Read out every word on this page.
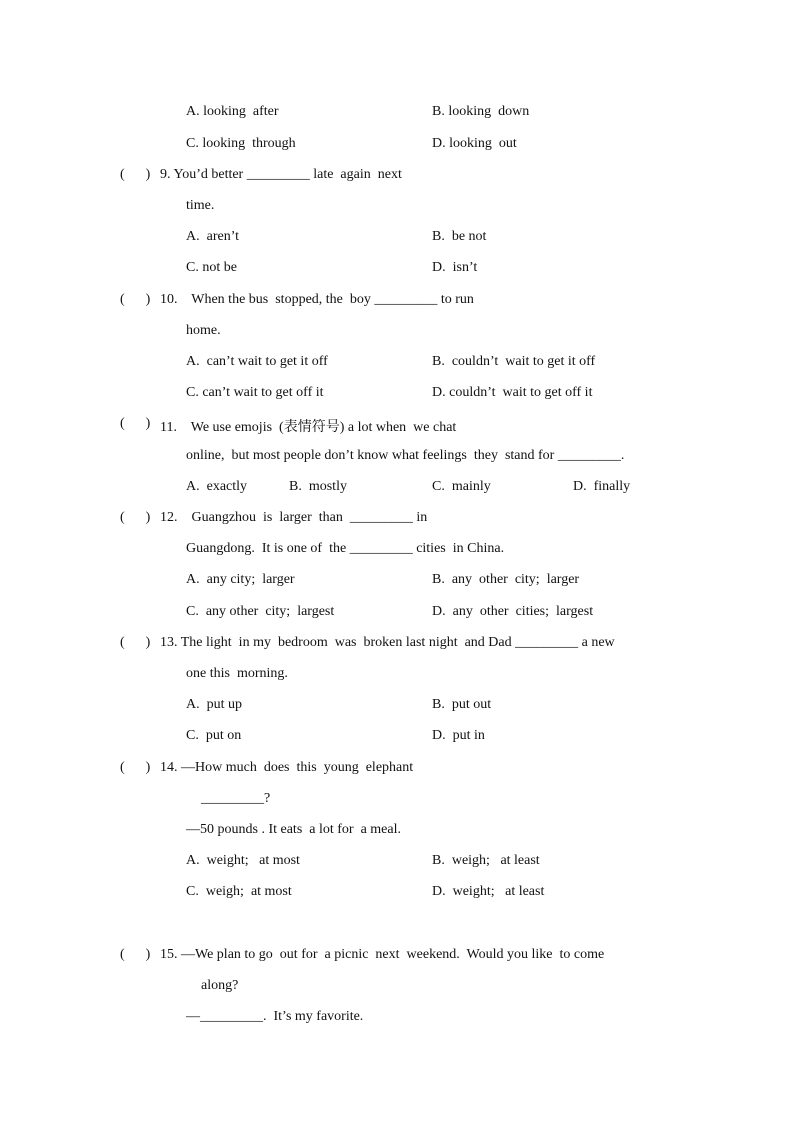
A. looking  after	B. looking  down
C. looking  through	D. looking  out
(      ) 9. You’d better _________ late  again  next
time.
A.  aren’t	B.  be not
C. not be	D.  isn’t
(      ) 10.    When the bus  stopped, the  boy _________ to run
home.
A.  can’t wait to get it off	B.  couldn’t  wait to get it off
C. can’t wait to get off it	D. couldn’t  wait to get off it
(      ) 11.    We use emojis  (表情符号) a lot when  we chat
online,  but most people don’t know what feelings  they  stand for _________.
A.  exactly	B.  mostly	C.  mainly	D.  finally
(      ) 12.    Guangzhou  is  larger  than  _________ in
Guangdong.  It is one of  the _________ cities  in China.
A.  any city;  larger	B.  any  other  city;  larger
C.  any other  city;  largest	D.  any  other  cities;  largest
(      ) 13. The light  in my  bedroom  was  broken last night  and Dad _________ a new
one this  morning.
A.  put up	B.  put out
C.  put on	D.  put in
(      ) 14. —How much  does  this  young  elephant
_________?
—50 pounds . It eats  a lot for  a meal.
A.  weight;   at most	B.  weigh;   at least
C.  weigh;  at most	D.  weight;   at least
(      ) 15. —We plan to go  out for  a picnic  next  weekend.  Would you like  to come
along?
—_________.  It’s my favorite.
